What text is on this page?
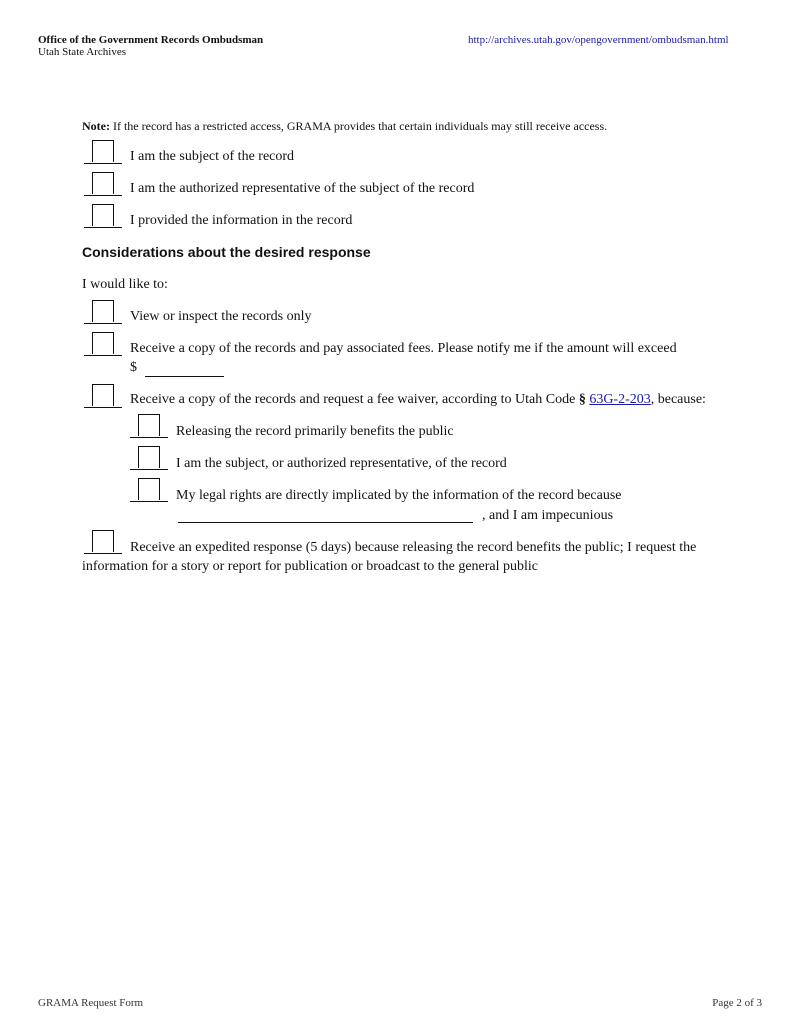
Office of the Government Records Ombudsman
Utah State Archives
http://archives.utah.gov/opengovernment/ombudsman.html
Note: If the record has a restricted access, GRAMA provides that certain individuals may still receive access.
I am the subject of the record
I am the authorized representative of the subject of the record
I provided the information in the record
Considerations about the desired response
I would like to:
View or inspect the records only
Receive a copy of the records and pay associated fees. Please notify me if the amount will exceed
$
Receive a copy of the records and request a fee waiver, according to Utah Code § 63G-2-203, because:
Releasing the record primarily benefits the public
I am the subject, or authorized representative, of the record
My legal rights are directly implicated by the information of the record because
, and I am impecunious
Receive an expedited response (5 days) because releasing the record benefits the public; I request the
information for a story or report for publication or broadcast to the general public
GRAMA Request Form	Page 2 of 3
